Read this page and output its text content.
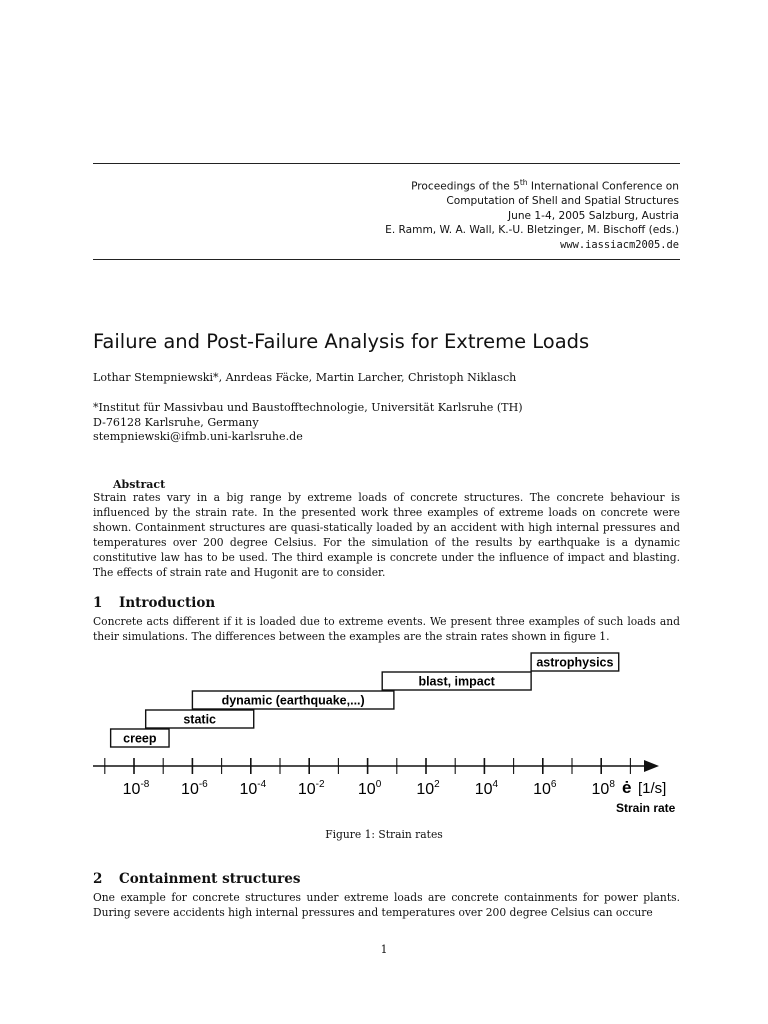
Proceedings of the 5th International Conference on
Computation of Shell and Spatial Structures
June 1-4, 2005 Salzburg, Austria
E. Ramm, W. A. Wall, K.-U. Bletzinger, M. Bischoff (eds.)
www.iassiacm2005.de
Failure and Post-Failure Analysis for Extreme Loads
Lothar Stempniewski*, Anrdeas Fäcke, Martin Larcher, Christoph Niklasch
*Institut für Massivbau und Baustofftechnologie, Universität Karlsruhe (TH)
D-76128 Karlsruhe, Germany
stempniewski@ifmb.uni-karlsruhe.de
Abstract
Strain rates vary in a big range by extreme loads of concrete structures. The concrete behaviour is influenced by the strain rate. In the presented work three examples of extreme loads on concrete were shown. Containment structures are quasi-statically loaded by an accident with high internal pressures and temperatures over 200 degree Celsius. For the simulation of the results by earthquake is a dynamic constitutive law has to be used. The third example is concrete under the influence of impact and blasting. The effects of strain rate and Hugonit are to consider.
1 Introduction
Concrete acts different if it is loaded due to extreme events. We present three examples of such loads and their simulations. The differences between the examples are the strain rates shown in figure 1.
creep
static
dynamic (earthquake,...)
blast, impact
astrophysics
$10^{-8}$ $10^{-6}$ $10^{-4}$ $10^{-2}$ $10^0$ $10^2$ $10^4$ $10^6$ $10^8$ ė [1/s]
Strain rate
Figure 1: Strain rates
2 Containment structures
One example for concrete structures under extreme loads are concrete containments for power plants. During severe accidents high internal pressures and temperatures over 200 degree Celsius can occure
1
